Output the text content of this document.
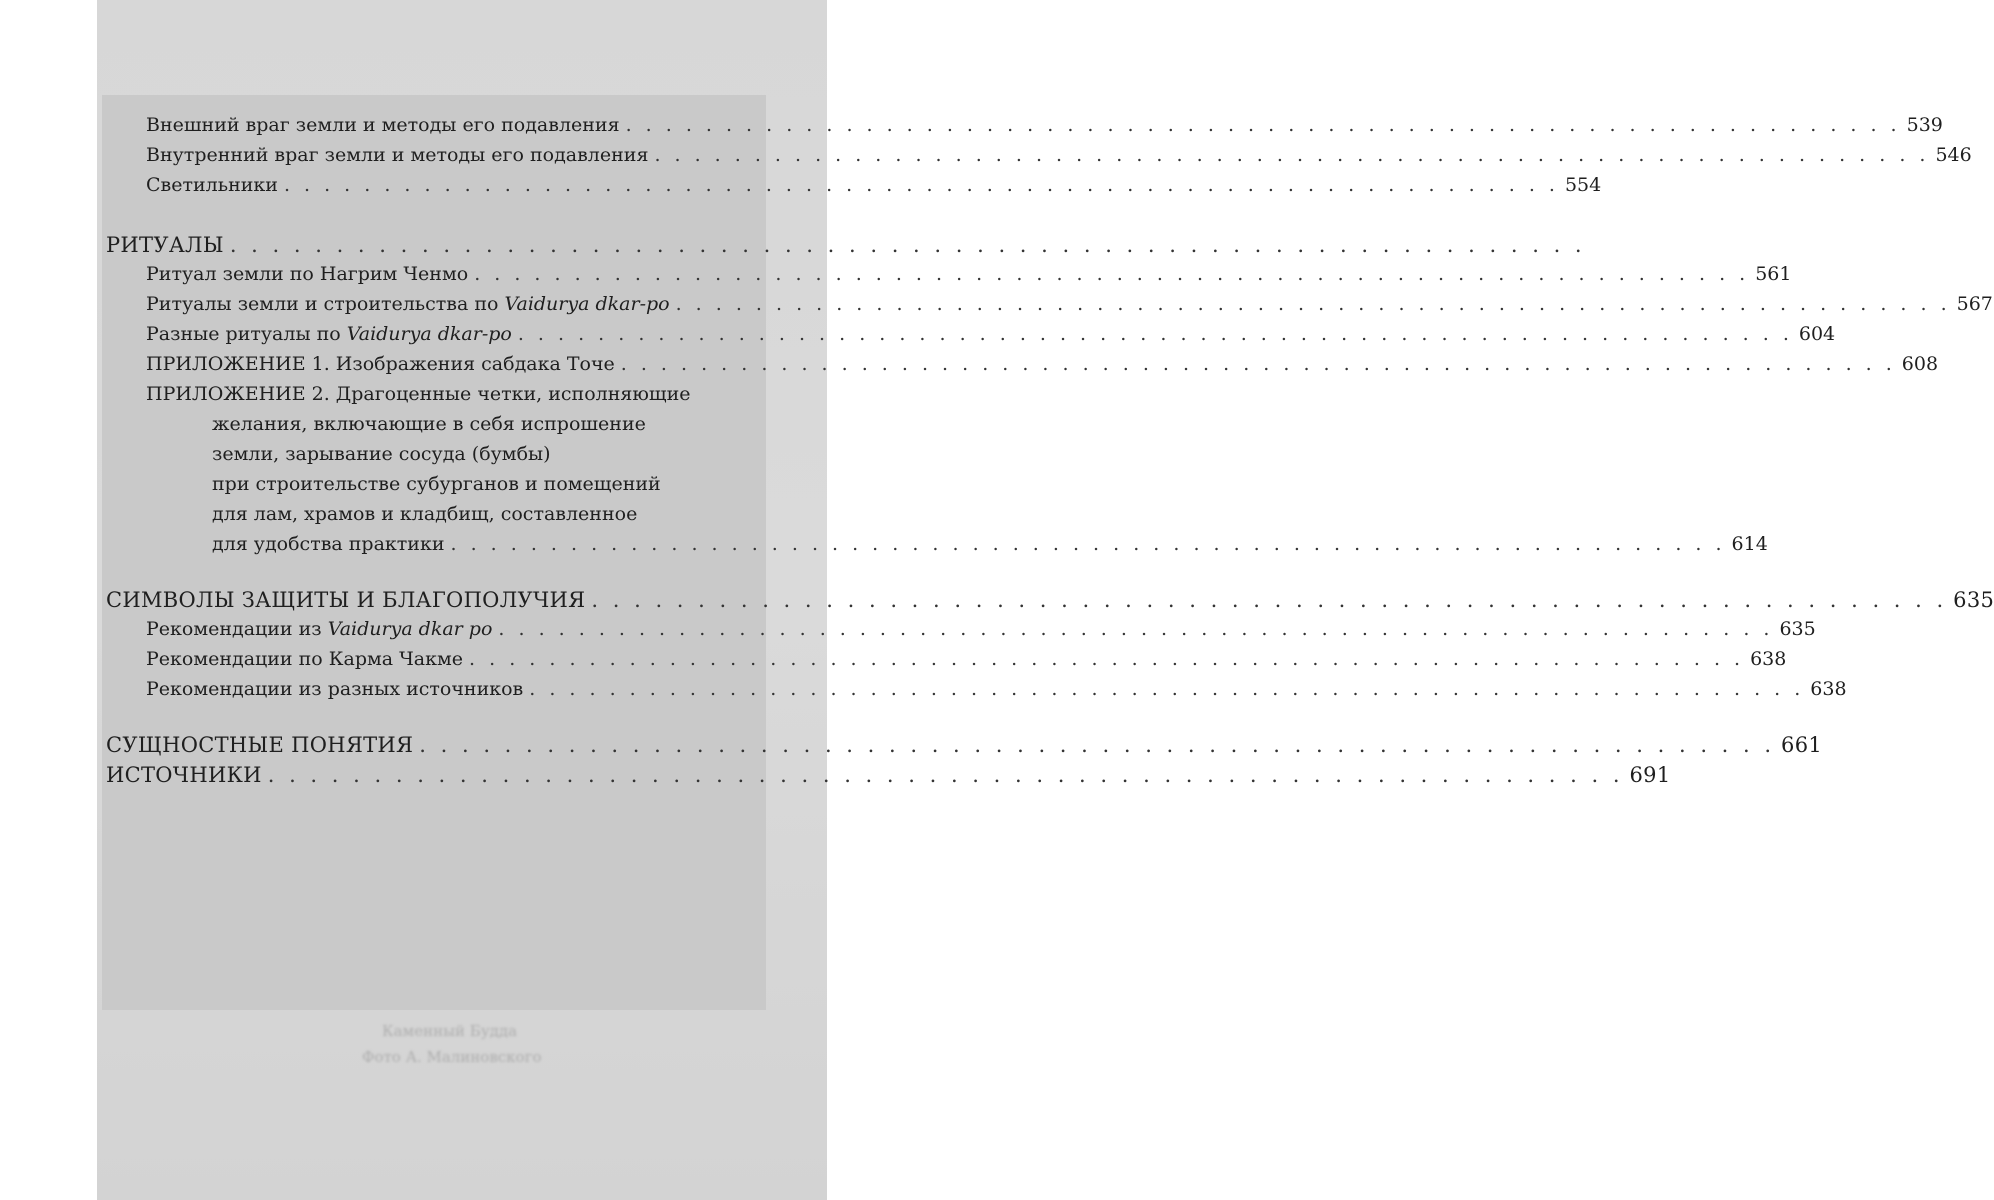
Каменный Будда
Фото А. Малиновского
Внешний враг земли и методы его подавления . . .	539
Внутренний враг земли и методы его подавления . . .	546
Светильники . . .	554
РИТУАЛЫ
. . .
Ритуал земли по Нагрим Ченмо . . .	561
Ритуалы земли и строительства по Vaidurya dkar-po . . .	567
Разные ритуалы по Vaidurya dkar-po . . .	604
ПРИЛОЖЕНИЕ 1. Изображения сабдака Точе . . .	608
ПРИЛОЖЕНИЕ 2. Драгоценные четки, исполняющие
желания, включающие в себя испрошение
земли, зарывание сосуда (бумбы)
при строительстве субурганов и помещений
для лам, храмов и кладбищ, составленное
для удобства практики . . .	614
СИМВОЛЫ ЗАЩИТЫ И БЛАГОПОЛУЧИЯ . . .	635
Рекомендации из Vaidurya dkar po . . .	635
Рекомендации по Карма Чакме . . .	638
Рекомендации из разных источников . . .	638
СУЩНОСТНЫЕ ПОНЯТИЯ . . .	661
ИСТОЧНИКИ . . .	691
